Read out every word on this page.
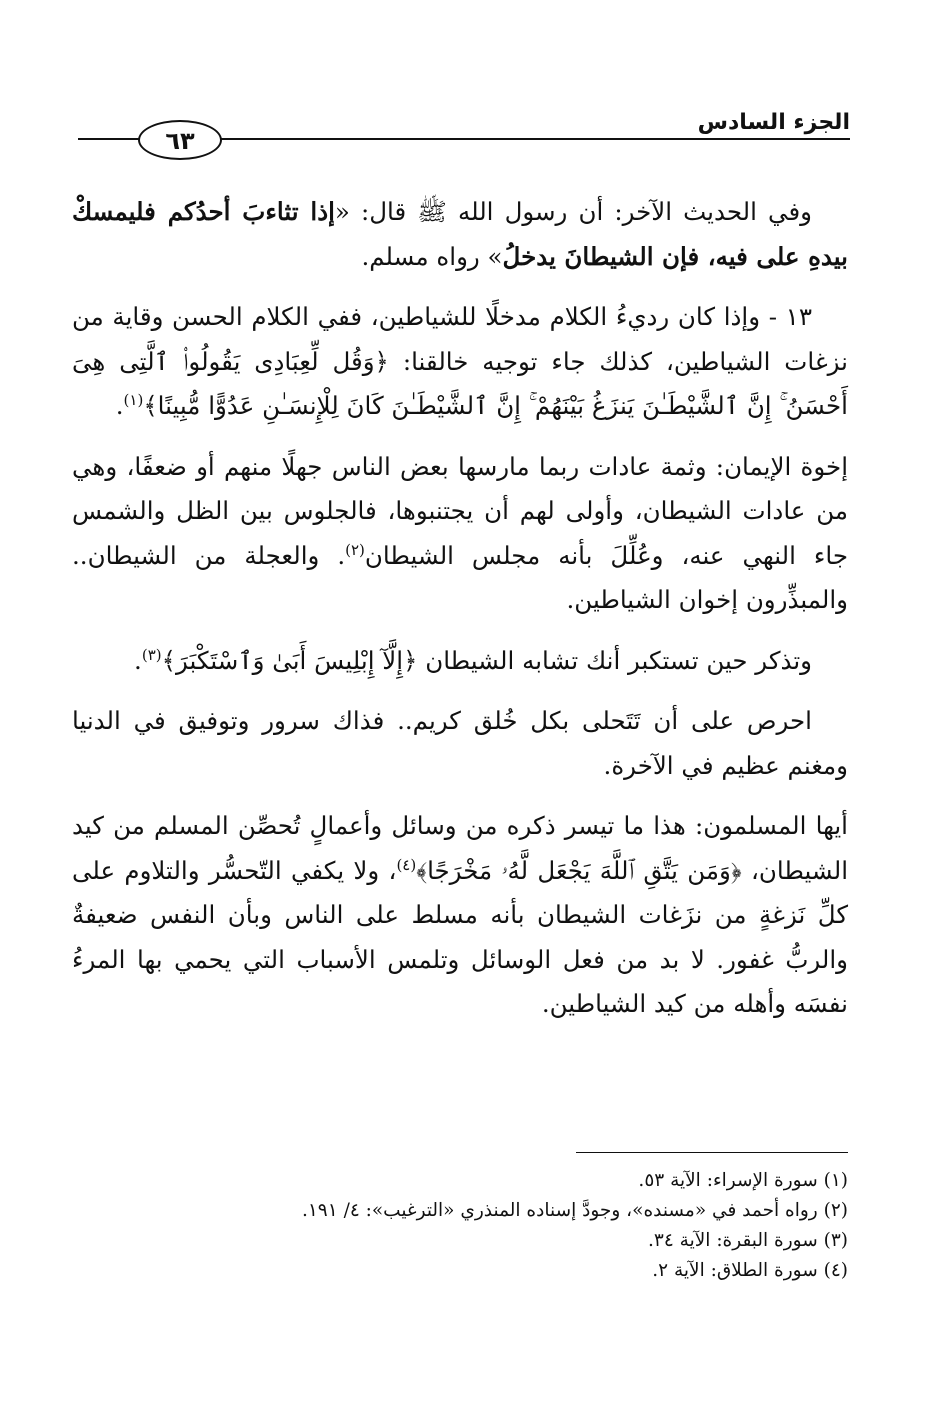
الجزء السادس
٦٣

وفي الحديث الآخر: أن رسول الله ﷺ قال: «إذا تثاءبَ أحدُكم فليمسكْ بيدهِ على فيه، فإن الشيطانَ يدخلُ» رواه مسلم.

١٣ - وإذا كان رديءُ الكلام مدخلًا للشياطين، ففي الكلام الحسن وقاية من نزغات الشياطين، كذلك جاء توجيه خالقنا: ﴿وَقُل لِّعِبَادِى يَقُولُوا۟ ٱلَّتِى هِىَ أَحْسَنُ ۚ إِنَّ ٱلشَّيْطَـٰنَ يَنزَغُ بَيْنَهُمْ ۚ إِنَّ ٱلشَّيْطَـٰنَ كَانَ لِلْإِنسَـٰنِ عَدُوًّا مُّبِينًا﴾$^{(١)}$.

إخوة الإيمان: وثمة عادات ربما مارسها بعض الناس جهلًا منهم أو ضعفًا، وهي من عادات الشيطان، وأولى لهم أن يجتنبوها، فالجلوس بين الظل والشمس جاء النهي عنه، وعُلِّلَ بأنه مجلس الشيطان$^{(٢)}$. والعجلة من الشيطان.. والمبذِّرون إخوان الشياطين.

وتذكر حين تستكبر أنك تشابه الشيطان ﴿إِلَّآ إِبْلِيسَ أَبَىٰ وَٱسْتَكْبَرَ﴾$^{(٣)}$.

احرص على أن تَتَحلى بكل خُلق كريم.. فذاك سرور وتوفيق في الدنيا ومغنم عظيم في الآخرة.

أيها المسلمون: هذا ما تيسر ذكره من وسائل وأعمالٍ تُحصِّن المسلم من كيد الشيطان، ﴿وَمَن يَتَّقِ ٱللَّهَ يَجْعَل لَّهُۥ مَخْرَجًا﴾$^{(٤)}$، ولا يكفي التّحسُّر والتلاوم على كلِّ نَزغةٍ من نزَغات الشيطان بأنه مسلط على الناس وبأن النفس ضعيفةٌ والربُّ غفور. لا بد من فعل الوسائل وتلمس الأسباب التي يحمي بها المرءُ نفسَه وأهله من كيد الشياطين.

(١) سورة الإسراء: الآية ٥٣.

(٢) رواه أحمد في «مسنده»، وجودَّ إسناده المنذري «الترغيب»: ٤/ ١٩١.

(٣) سورة البقرة: الآية ٣٤.

(٤) سورة الطلاق: الآية ٢.
